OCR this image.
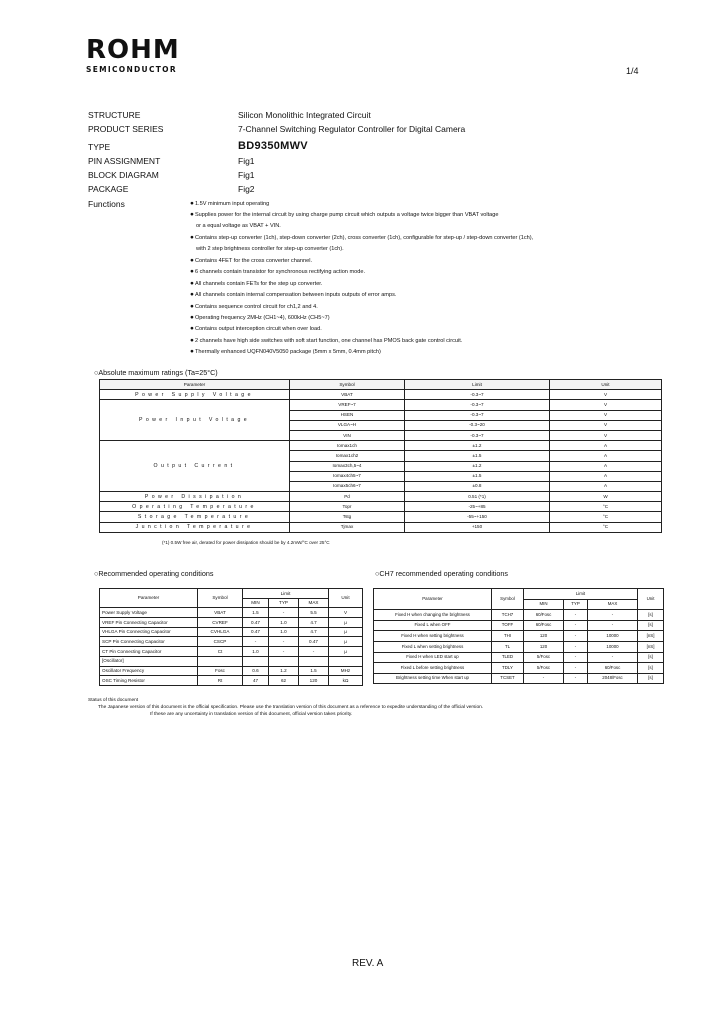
ROHM
SEMICONDUCTOR	1/4
STRUCTURE	Silicon Monolithic Integrated Circuit
PRODUCT SERIES	7-Channel Switching Regulator Controller for Digital Camera
TYPE	BD9350MWV
PIN ASSIGNMENT	Fig1
BLOCK DIAGRAM	Fig1
PACKAGE	Fig2
Functions	●1.5V minimum input operating
●Supplies power for the internal circuit by using charge pump circuit which outputs a voltage twice bigger than VBAT voltage
or a equal voltage as VBAT + VIN.
●Contains step-up converter (1ch), step-down converter (2ch), cross converter (1ch), configurable for step-up / step-down converter (1ch),
with 2 step brightness controller for step-up converter (1ch).
●Contains 4FET for the cross converter channel.
●6 channels contain transistor for synchronous rectifying action mode.
●All channels contain FETs for the step up converter.
●All channels contain internal compensation between inputs outputs of error amps.
●Contains sequence control circuit for ch1,2 and 4.
●Operating frequency 2MHz (CH1~4), 600kHz (CH5~7)
●Contains output interception circuit when over load.
●2 channels have high side switches with soft start function, one channel has PMOS back gate control circuit.
●Thermally enhanced UQFN040V5050 package (5mm x 5mm, 0.4mm pitch)
○Absolute maximum ratings (Ta=25°C)
Parameter	Symbol	Limit	Unit
Power Supply Voltage	VBAT	-0.3~7	V
Power Input Voltage	VREF~7	-0.3~7	V
	HSEN	-0.3~7	V
	VLGA~H	-0.3~20	V
	VIN	-0.3~7	V
Output Current	Iomax1ch	±1.2	A
	Iomax1ch2	±1.5	A
	Iomax3ch,5~4	±1.2	A
	Iomax4ch5~7	±1.5	A
	Iomax5ch6~7	±0.8	A
Power Dissipation	Pd	0.51 (*1)	W
Operating Temperature	Topr	-25~+85	°C
Storage Temperature	Tstg	-55~+150	°C
Junction Temperature	Tjmax	+150	°C
(*1) 0.5W free air, derated for power dissipation should be by 4.2mW/°C over 25°C
○Recommended operating conditions
Parameter	Symbol	Limit			Unit
		MIN	TYP	MAX	
Power Supply Voltage	VBAT	1.5	-	5.5	V
VREF Pin Connecting Capacitor	CVREF	0.47	1.0	4.7	μ
VHLGA Pin Connecting Capacitor	CVHLGA	0.47	1.0	4.7	μ
SCP Pin Connecting Capacitor	CSCP	-	-	0.47	μ
CT Pin Connecting Capacitor	Ct	1.0	-	-	μ
[Oscillator]					
Oscillator Frequency	Fosc	0.6	1.2	1.5	MHz
OSC Timing Resistor	Rt	47	62	120	kΩ
○CH7 recommended operating conditions
Parameter	Symbol	Limit			Unit
		MIN	TYP	MAX	
Fixed H when changing the brightness	TCH7	60/Fosc	-	-	[s]
Fixed L when OFF	TOFF	60/Fosc	-	-	[s]
Fixed H when setting brightness	THI	120	-	10000	[nS]
Fixed L when setting brightness	TL	120	-	10000	[nS]
Fixed H when LED start up	TLED	5/Fosc	-	-	[s]
Fixed L before setting brightness	TDLY	5/Fosc	-	60/Fosc	[s]
Brightness setting time When start up	TCSET	-	-	2048/Fosc	[s]
Status of this document
The Japanese version of this document is the official specification. Please use the translation version of this document as a reference to expedite understanding of the official version.
If these are any uncertainty in translation version of this document, official version takes priority.
REV. A
